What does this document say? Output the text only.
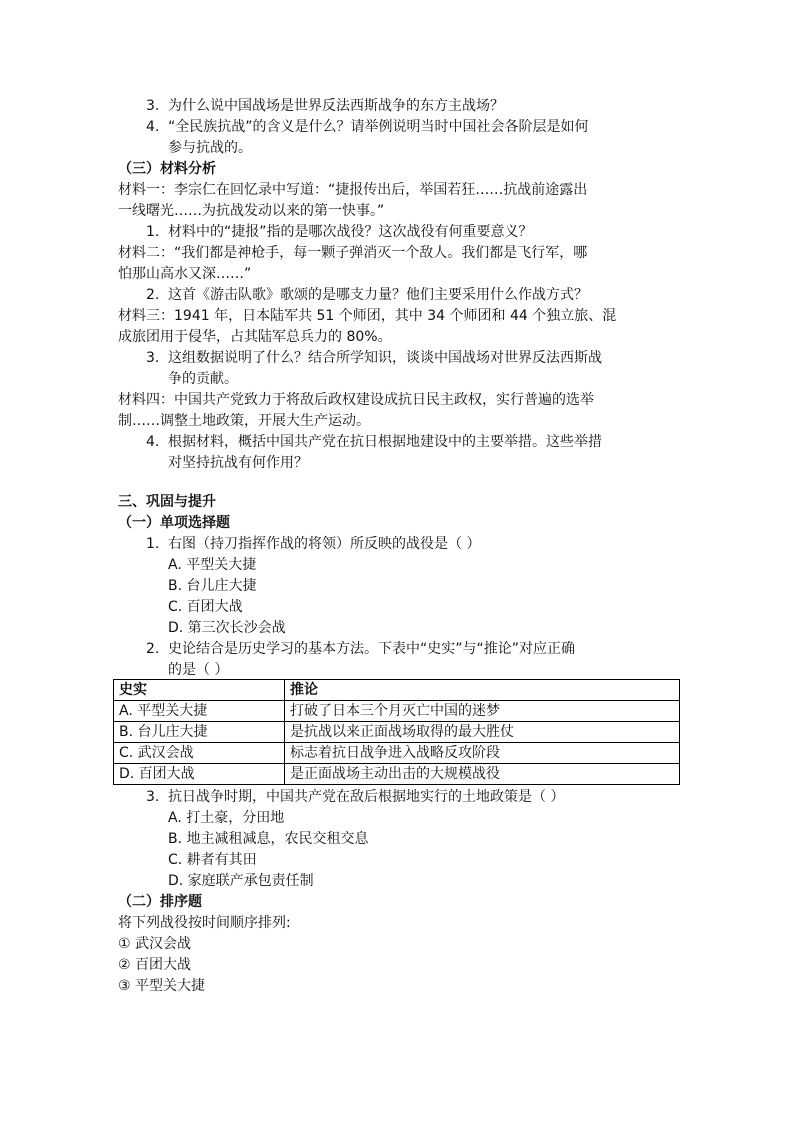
3. 为什么说中国战场是世界反法西斯战争的东方主战场？
4. “全民族抗战”的含义是什么？请举例说明当时中国社会各阶层是如何
参与抗战的。
（三）材料分析
材料一：李宗仁在回忆录中写道：“捷报传出后，举国若狂……抗战前途露出
一线曙光……为抗战发动以来的第一快事。”
1. 材料中的“捷报”指的是哪次战役？这次战役有何重要意义？
材料二：“我们都是神枪手，每一颗子弹消灭一个敌人。我们都是飞行军，哪
怕那山高水又深……”
2. 这首《游击队歌》歌颂的是哪支力量？他们主要采用什么作战方式？
材料三：1941 年，日本陆军共 51 个师团，其中 34 个师团和 44 个独立旅、混
成旅团用于侵华，占其陆军总兵力的 80%。
3. 这组数据说明了什么？结合所学知识，谈谈中国战场对世界反法西斯战
争的贡献。
材料四：中国共产党致力于将敌后政权建设成抗日民主政权，实行普遍的选举
制……调整土地政策，开展大生产运动。
4. 根据材料，概括中国共产党在抗日根据地建设中的主要举措。这些举措
对坚持抗战有何作用？
三、巩固与提升
（一）单项选择题
1. 右图（持刀指挥作战的将领）所反映的战役是（ ）
A. 平型关大捷
B. 台儿庄大捷
C. 百团大战
D. 第三次长沙会战
2. 史论结合是历史学习的基本方法。下表中“史实”与“推论”对应正确
的是（ ）
史实	推论
A. 平型关大捷	打破了日本三个月灭亡中国的迷梦
B. 台儿庄大捷	是抗战以来正面战场取得的最大胜仗
C. 武汉会战	标志着抗日战争进入战略反攻阶段
D. 百团大战	是正面战场主动出击的大规模战役
3. 抗日战争时期，中国共产党在敌后根据地实行的土地政策是（ ）
A. 打土豪，分田地
B. 地主减租减息，农民交租交息
C. 耕者有其田
D. 家庭联产承包责任制
（二）排序题
将下列战役按时间顺序排列:
① 武汉会战
② 百团大战
③ 平型关大捷
